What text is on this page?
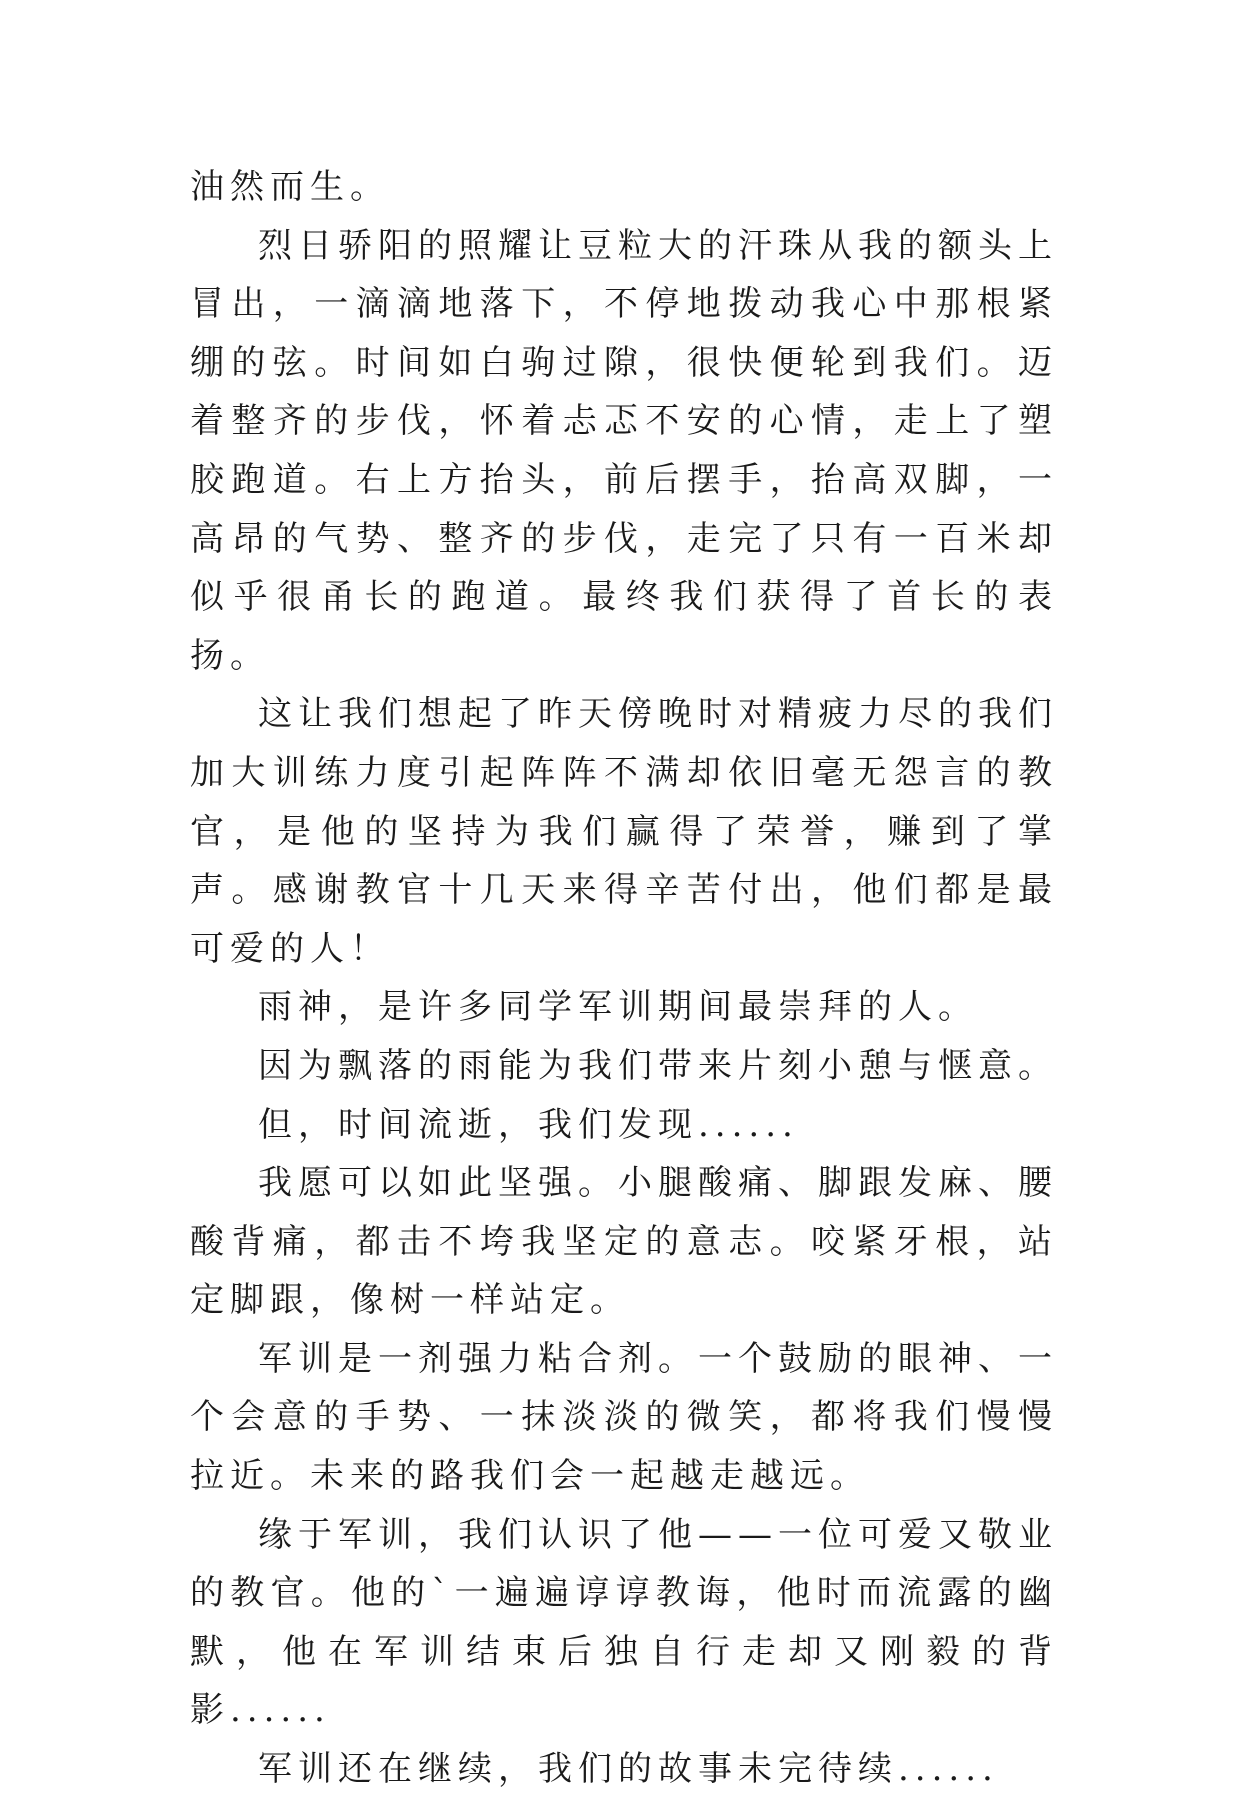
油然而生。

烈日骄阳的照耀让豆粒大的汗珠从我的额头上冒出，一滴滴地落下，不停地拨动我心中那根紧绷的弦。时间如白驹过隙，很快便轮到我们。迈着整齐的步伐，怀着忐忑不安的心情，走上了塑胶跑道。右上方抬头，前后摆手，抬高双脚，一高昂的气势、整齐的步伐，走完了只有一百米却似乎很甬长的跑道。最终我们获得了首长的表扬。

这让我们想起了昨天傍晚时对精疲力尽的我们加大训练力度引起阵阵不满却依旧毫无怨言的教官，是他的坚持为我们赢得了荣誉，赚到了掌声。感谢教官十几天来得辛苦付出，他们都是最可爱的人！

雨神，是许多同学军训期间最崇拜的人。

因为飘落的雨能为我们带来片刻小憩与惬意。

但，时间流逝，我们发现......

我愿可以如此坚强。小腿酸痛、脚跟发麻、腰酸背痛，都击不垮我坚定的意志。咬紧牙根，站定脚跟，像树一样站定。

军训是一剂强力粘合剂。一个鼓励的眼神、一个会意的手势、一抹淡淡的微笑，都将我们慢慢拉近。未来的路我们会一起越走越远。

缘于军训，我们认识了他——一位可爱又敬业的教官。他的`一遍遍谆谆教诲，他时而流露的幽默，他在军训结束后独自行走却又刚毅的背影......

军训还在继续，我们的故事未完待续......
